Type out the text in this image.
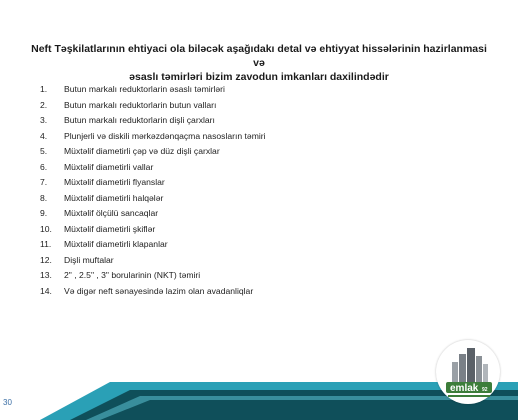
Neft Təşkilatlarının ehtiyaci ola biləcək aşağıdakı detal və ehtiyyat hissələrinin hazirlanmasi və
əsaslı təmirləri bizim zavodun imkanları daxilindədir
1.	Butun markalı reduktorlarin əsaslı təmirləri
2.	Butun markalı reduktorlarin butun valları
3.	Butun markalı reduktorlarin dişli çarxları
4.	Plunjerli və diskili mərkəzdənqaçma nasosların təmiri
5.	Müxtəlif diametirli çəp və düz dişli çarxlar
6.	Müxtəlif diametirli vallar
7.	Müxtəlif diametirli flyanslar
8.	Müxtəlif diametirli halqələr
9.	Müxtəlif ölçülü sancaqlar
10.	Müxtəlif diametirli şkiflər
11.	Müxtəlif diametirli klapanlar
12.	Dişli muftalar
13.	2" , 2.5" , 3" borularinin (NKT) təmiri
14.	Və digər neft sənayesində lazim olan avadanliqlar
30
emlak 92
